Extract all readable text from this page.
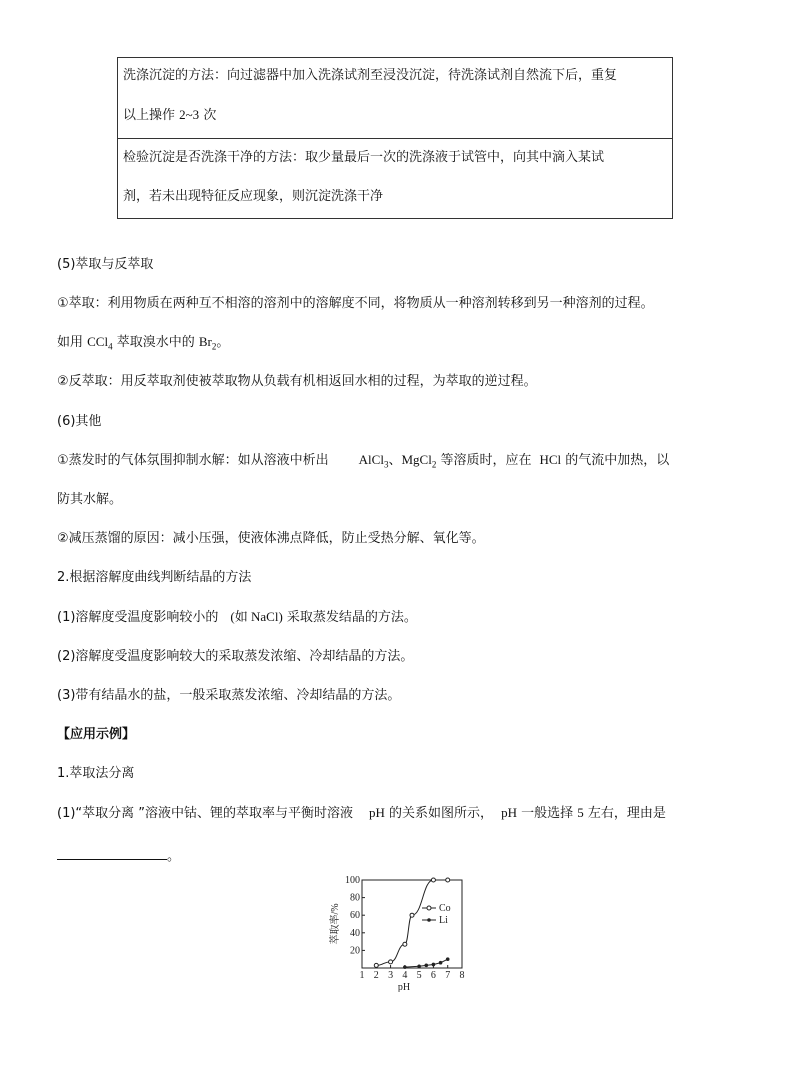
洗涤沉淀的方法：向过滤器中加入洗涤试剂至浸没沉淀，待洗涤试剂自然流下后，重复
以上操作 2~3 次
检验沉淀是否洗涤干净的方法：取少量最后一次的洗涤液于试管中，向其中滴入某试
剂，若未出现特征反应现象，则沉淀洗涤干净
(5)萃取与反萃取
①萃取：利用物质在两种互不相溶的溶剂中的溶解度不同，将物质从一种溶剂转移到另一种溶剂的过程。
如用 CCl$_4$ 萃取溴水中的 $Br_2$。
②反萃取：用反萃取剂使被萃取物从负载有机相返回水相的过程，为萃取的逆过程。
(6)其他
①蒸发时的气体氛围抑制水解：如从溶液中析出 AlCl$_3$、MgCl$_2$ 等溶质时，应在 HCl 的气流中加热，以
防其水解。
②减压蒸馏的原因：减小压强，使液体沸点降低，防止受热分解、氧化等。
2.根据溶解度曲线判断结晶的方法
(1)溶解度受温度影响较小的 (如 NaCl) 采取蒸发结晶的方法。
(2)溶解度受温度影响较大的采取蒸发浓缩、冷却结晶的方法。
(3)带有结晶水的盐，一般采取蒸发浓缩、冷却结晶的方法。
【应用示例】
1.萃取法分离
(1)“萃取分离 ”溶液中钴、锂的萃取率与平衡时溶液 pH 的关系如图所示， pH 一般选择 5 左右，理由是
。
1 2 3 4 5 6 7 8
20
40
60
80
100
pH
萃取率/%	Co
Li
